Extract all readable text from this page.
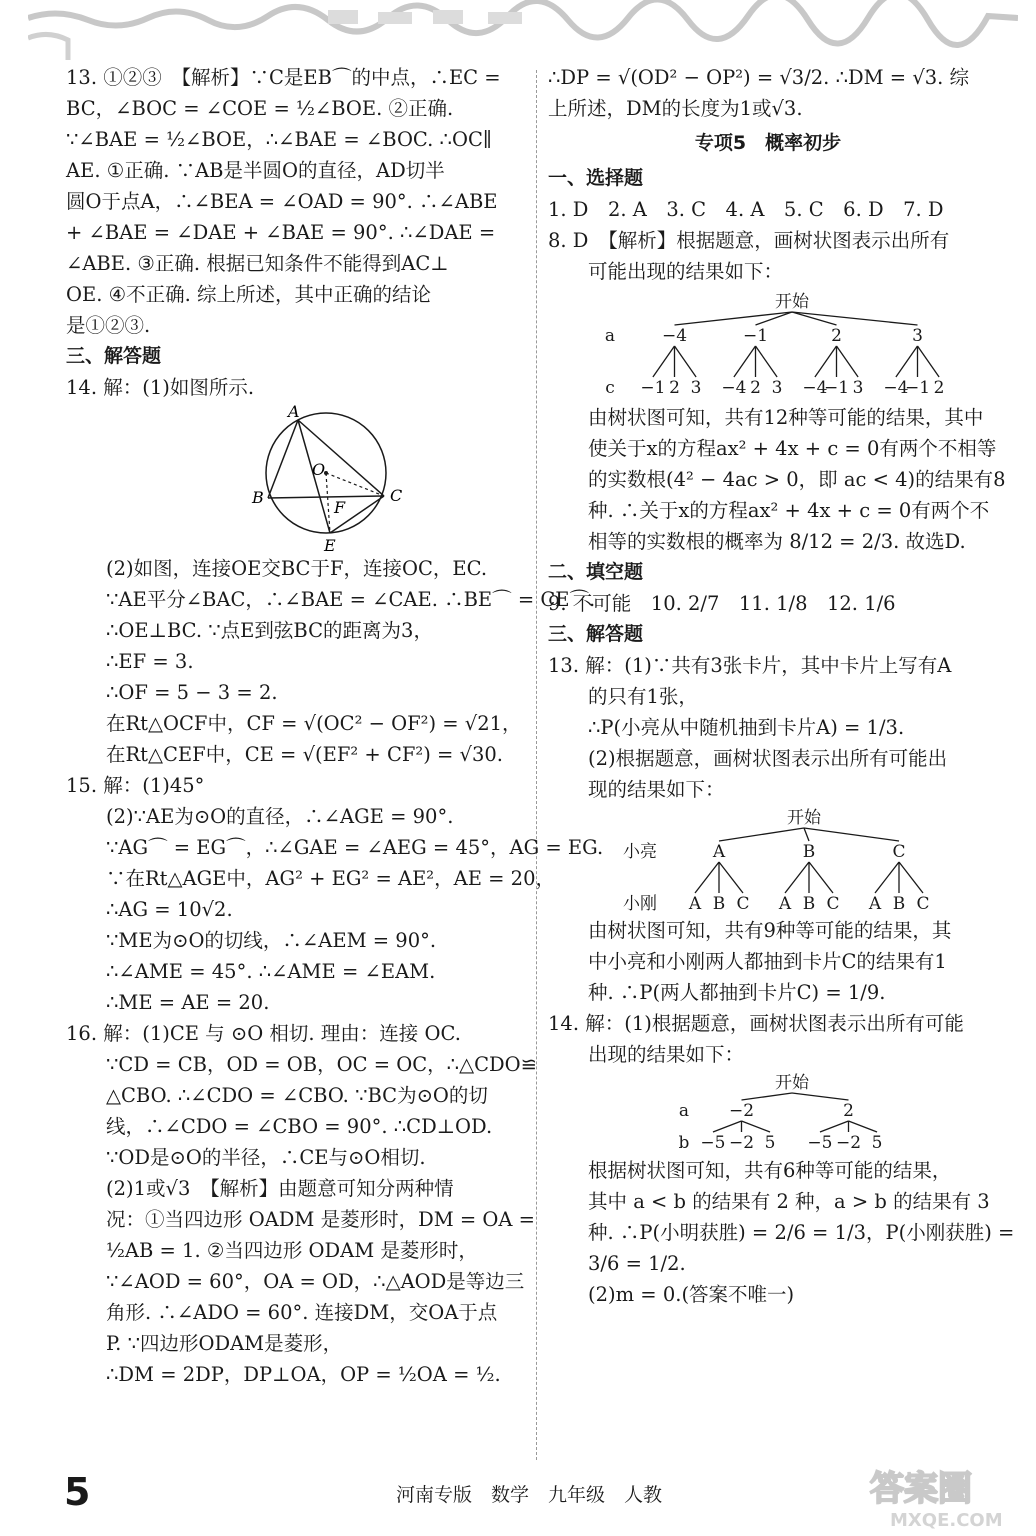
13. ①②③　【解析】∵C是EB⌒的中点，∴EC =
BC，∠BOC = ∠COE = ½∠BOE. ②正确.
∵∠BAE = ½∠BOE，∴∠BAE = ∠BOC. ∴OC∥
AE. ①正确. ∵AB是半圆O的直径，AD切半
圆O于点A，∴∠BEA = ∠OAD = 90°. ∴∠ABE
+ ∠BAE = ∠DAE + ∠BAE = 90°. ∴∠DAE =
∠ABE. ③正确. 根据已知条件不能得到AC⊥
OE. ④不正确. 综上所述，其中正确的结论
是①②③.
三、解答题
14. 解：(1)如图所示.
A
B	C
O
F
E
(2)如图，连接OE交BC于F，连接OC，EC.
∵AE平分∠BAC，∴∠BAE = ∠CAE. ∴BE⌒ = CE⌒.
∴OE⊥BC. ∵点E到弦BC的距离为3，
∴EF = 3.
∴OF = 5 − 3 = 2.
在Rt△OCF中，CF = √(OC² − OF²) = √21，
在Rt△CEF中，CE = √(EF² + CF²) = √30.
15. 解：(1)45°
(2)∵AE为⊙O的直径，∴∠AGE = 90°.
∵AG⌒ = EG⌒，∴∠GAE = ∠AEG = 45°，AG = EG.
∵在Rt△AGE中，AG² + EG² = AE²，AE = 20，
∴AG = 10√2.
∵ME为⊙O的切线，∴∠AEM = 90°.
∴∠AME = 45°. ∴∠AME = ∠EAM.
∴ME = AE = 20.
16. 解：(1)CE 与 ⊙O 相切. 理由：连接 OC.
∵CD = CB，OD = OB，OC = OC，∴△CDO≌
△CBO. ∴∠CDO = ∠CBO. ∵BC为⊙O的切
线，∴∠CDO = ∠CBO = 90°. ∴CD⊥OD.
∵OD是⊙O的半径，∴CE与⊙O相切.
(2)1或√3　【解析】由题意可知分两种情
况：①当四边形 OADM 是菱形时，DM = OA =
½AB = 1. ②当四边形 ODAM 是菱形时，
∵∠AOD = 60°，OA = OD，∴△AOD是等边三
角形. ∴∠ADO = 60°. 连接DM，交OA于点
P. ∵四边形ODAM是菱形，
∴DM = 2DP，DP⊥OA，OP = ½OA = ½.
∴DP = √(OD² − OP²) = √3/2. ∴DM = √3. 综
上所述，DM的长度为1或√3.
专项5　概率初步
一、选择题
1. D　2. A　3. C　4. A　5. C　6. D　7. D
8. D　【解析】根据题意，画树状图表示出所有
可能出现的结果如下：
开始
a
c
−4
−1 2 3
−1
−4 2 3
2
−4
−1 3
3
−4
−1 2
由树状图可知，共有12种等可能的结果，其中
使关于x的方程ax² + 4x + c = 0有两个不相等
的实数根(4² − 4ac > 0，即 ac < 4)的结果有8
种. ∴关于x的方程ax² + 4x + c = 0有两个不
相等的实数根的概率为 8/12 = 2/3. 故选D.
二、填空题
9. 不可能　10. 2/7　11. 1/8　12. 1/6
三、解答题
13. 解：(1)∵共有3张卡片，其中卡片上写有A
的只有1张，
∴P(小亮从中随机抽到卡片A) = 1/3.
(2)根据题意，画树状图表示出所有可能出
现的结果如下：
开始
小亮
小刚
A
A B C
B
A B C
C
A B C
由树状图可知，共有9种等可能的结果，其
中小亮和小刚两人都抽到卡片C的结果有1
种. ∴P(两人都抽到卡片C) = 1/9.
14. 解：(1)根据题意，画树状图表示出所有可能
出现的结果如下：
开始
a
b
−2
−5 −2 5
2
−5 −2 5
根据树状图可知，共有6种等可能的结果，
其中 a < b 的结果有 2 种，a > b 的结果有 3
种. ∴P(小明获胜) = 2/6 = 1/3，P(小刚获胜) =
3/6 = 1/2.
(2)m = 0.(答案不唯一)
5	河南专版　数学　九年级　人教	答案圈
MXQE.COM
